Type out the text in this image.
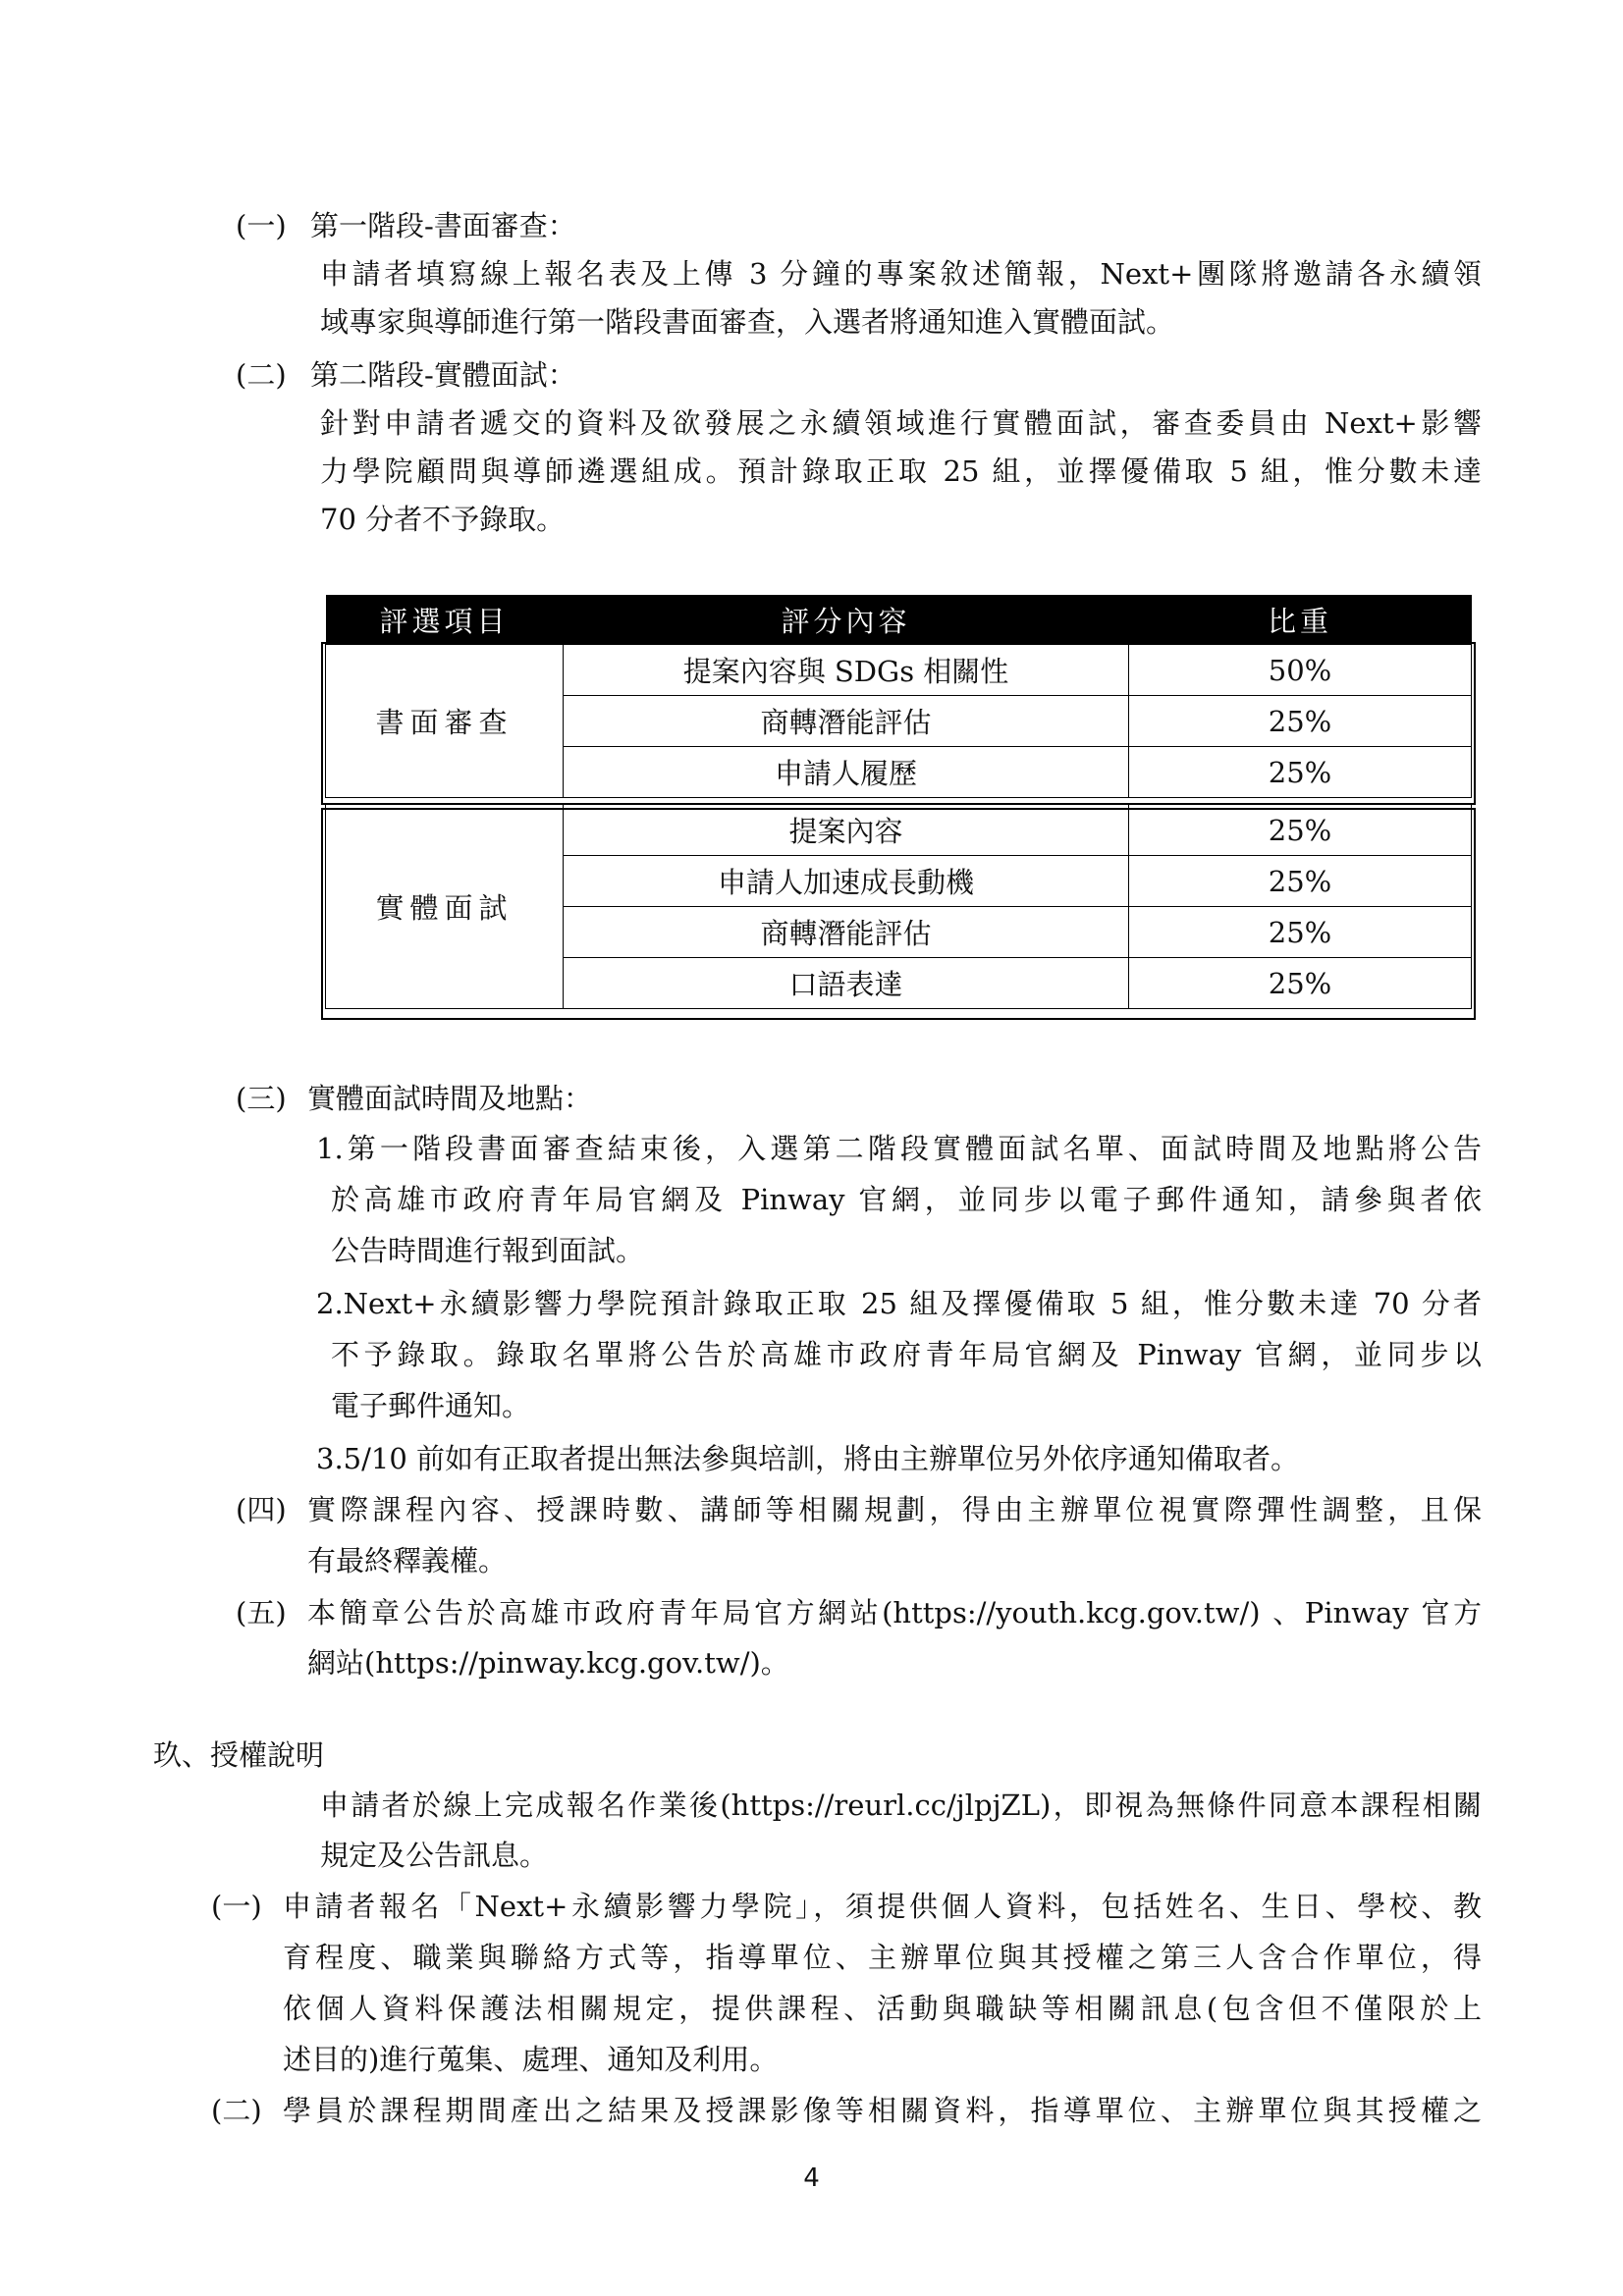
(一) 第一階段-書面審查：
申請者填寫線上報名表及上傳 3 分鐘的專案敘述簡報，Next+團隊將邀請各永續領
域專家與導師進行第一階段書面審查，入選者將通知進入實體面試。
(二) 第二階段-實體面試：
針對申請者遞交的資料及欲發展之永續領域進行實體面試，審查委員由 Next+影響
力學院顧問與導師遴選組成。預計錄取正取 25 組，並擇優備取 5 組，惟分數未達
70 分者不予錄取。
評選項目	評分內容	比重
書面審查	提案內容與 SDGs 相關性	50%
	商轉潛能評估	25%
	申請人履歷	25%

實體面試	提案內容	25%
	申請人加速成長動機	25%
	商轉潛能評估	25%
	口語表達	25%
(三) 實體面試時間及地點：
1.第一階段書面審查結束後，入選第二階段實體面試名單、面試時間及地點將公告
於高雄市政府青年局官網及 Pinway 官網，並同步以電子郵件通知，請參與者依
公告時間進行報到面試。
2.Next+永續影響力學院預計錄取正取 25 組及擇優備取 5 組，惟分數未達 70 分者
不予錄取。錄取名單將公告於高雄市政府青年局官網及 Pinway 官網，並同步以
電子郵件通知。
3.5/10 前如有正取者提出無法參與培訓，將由主辦單位另外依序通知備取者。
(四) 實際課程內容、授課時數、講師等相關規劃，得由主辦單位視實際彈性調整，且保
有最終釋義權。
(五) 本簡章公告於高雄市政府青年局官方網站(https://youth.kcg.gov.tw/) 、Pinway 官方
網站(https://pinway.kcg.gov.tw/)。
玖、授權說明
申請者於線上完成報名作業後(https://reurl.cc/jlpjZL)，即視為無條件同意本課程相關
規定及公告訊息。
(一) 申請者報名「Next+永續影響力學院」，須提供個人資料，包括姓名、生日、學校、教
育程度、職業與聯絡方式等，指導單位、主辦單位與其授權之第三人含合作單位，得
依個人資料保護法相關規定，提供課程、活動與職缺等相關訊息(包含但不僅限於上
述目的)進行蒐集、處理、通知及利用。
(二) 學員於課程期間產出之結果及授課影像等相關資料，指導單位、主辦單位與其授權之
4
